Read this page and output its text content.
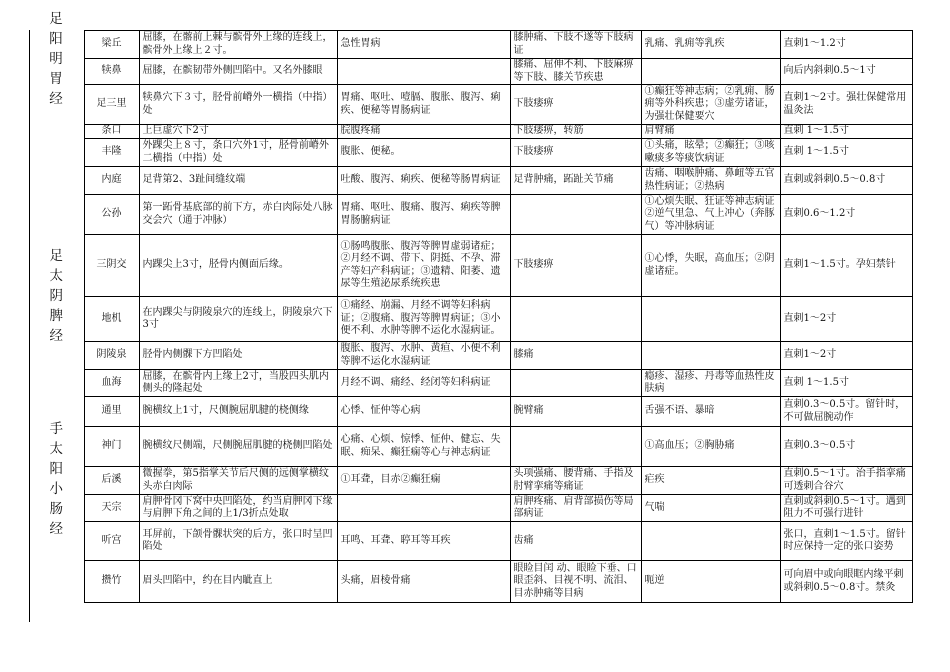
足阳明胃经
	梁丘	屈膝，在髂前上棘与髌骨外上缘的连线上，髌骨外上缘上２寸。	急性胃病	膝肿痛、下肢不遂等下肢病证	乳痛、乳痈等乳疾	直刺1～1.2寸
	犊鼻	屈膝，在髌韧带外侧凹陷中。又名外膝眼		膝痛、屈伸不利、下肢麻痹等下肢、膝关节疾患		向后内斜刺0.5～1寸
	足三里	犊鼻穴下３寸，胫骨前嵴外一横指（中指）处	胃痛、呕吐、噎膈、腹胀、腹泻、痢疾、便秘等胃肠病证	下肢痿痹	①癫狂等神志病；②乳痈、肠痈等外科疾患；③虚劳诸证，为强壮保健要穴	直刺1～2寸。强壮保健常用温灸法
	条口	上巨虚穴下2寸	脘腹疼痛	下肢痿痹，转筋	肩臂痛	直刺 1～1.5寸
	丰隆	外踝尖上８寸，条口穴外1寸，胫骨前嵴外二横指（中指）处	腹胀、便秘。	下肢痿痹	①头痛，眩晕；②癫狂；③咳嗽痰多等痰饮病证	直刺 1～1.5寸
	内庭	足背第2、3趾间缝纹端	吐酸、腹泻、痢疾、便秘等肠胃病证	足背肿痛，跖趾关节痛	齿痛、咽喉肿痛、鼻衄等五官热性病证；②热病	直刺或斜刺0.5～0.8寸
足太阴脾经	公孙	第一跖骨基底部的前下方，赤白肉际处八脉交会穴（通于冲脉）	胃痛、呕吐、腹痛、腹泻、痢疾等脾胃肠腑病证		①心烦失眠、狂证等神志病证②逆气里急、气上冲心（奔豚气）等冲脉病证	直刺0.6～1.2寸
	三阴交	内踝尖上3寸，胫骨内侧面后缘。	①肠鸣腹胀、腹泻等脾胃虚弱诸症；②月经不调、带下、阴挺、不孕、滞产等妇产科病证；③遗精、阳萎、遗尿等生殖泌尿系统疾患	下肢痿痹	①心悸，失眠，高血压；②阴虚诸症。	直刺1～1.5寸。孕妇禁针
	地机	在内踝尖与阴陵泉穴的连线上，阴陵泉穴下3寸	①痛经、崩漏、月经不调等妇科病证；②腹痛、腹泻等脾胃病证；③小便不利、水肿等脾不运化水湿病证。			直刺1～2寸
	阴陵泉	胫骨内侧髁下方凹陷处	腹胀、腹泻、水肿、黄疸、小便不利等脾不运化水湿病证	膝痛		直刺1～2寸
	血海	屈膝，在髌骨内上缘上2寸，当股四头肌内侧头的隆起处	月经不调、痛经、经闭等妇科病证		瘾疹、湿疹、丹毒等血热性皮肤病	直刺 1～1.5寸
手太阳小肠经	通里	腕横纹上1寸，尺侧腕屈肌腱的桡侧缘	心悸、怔仲等心病	腕臂痛	舌强不语、暴暗	直刺0.3～0.5寸。留针时，不可做屈腕动作
	神门	腕横纹尺侧端，尺侧腕屈肌腱的桡侧凹陷处	心痛、心烦、惊悸、怔仲、健忘、失眠、痴呆、癫狂痫等心与神志病证		①高血压；②胸胁痛	直刺0.3～0.5寸
	后溪	微握拳，第5指掌关节后尺侧的远侧掌横纹头赤白肉际	①耳聋，目赤②癫狂痫	头项强痛、腰背痛、手指及肘臂挛痛等痛证	疟疾	直刺0.5～1寸。治手指挛痛可透刺合谷穴
	天宗	肩胛骨冈下窝中央凹陷处，约当肩胛冈下缘与肩胛下角之间的上1/3折点处取		肩胛疼痛、肩背部损伤等局部病证	气喘	直刺或斜刺0.5～1寸。遇到阻力不可强行进针
	听宫	耳屏前，下颌骨髁状突的后方，张口时呈凹陷处	耳鸣、耳聋、聤耳等耳疾	齿痛		张口，直刺1～1.5寸。留针时应保持一定的张口姿势
	攒竹	眉头凹陷中，约在目内眦直上	头痛，眉棱骨痛	眼睑目闰 动、眼睑下垂、口眼歪斜、目视不明、流泪、目赤肿痛等目病	呃逆	可向眉中或向眼眶内缘平刺或斜刺0.5～0.8寸。禁灸
